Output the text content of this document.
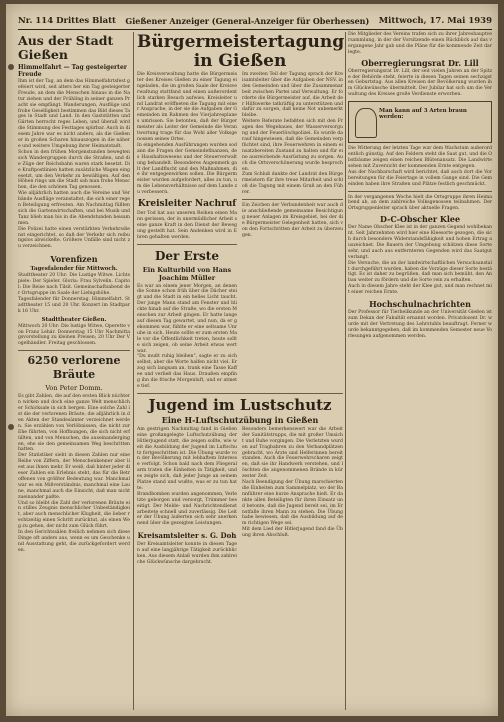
Nr. 114 Drittes Blatt Gießener Anzeiger (General-Anzeiger für Oberhessen) Mittwoch, 17. Mai 1939
Aus der Stadt Gießen
Himmelfahrt — Tag gesteigerter Freude

Ihm ist der Tag, an dem das Himmelfahrtsfest gefeiert wird, seit alters her ein Tag gesteigerter Freude, an dem die Menschen hinaus in die Natur ziehen und der Frühling in seiner ganzen Pracht sie empfängt. Wanderungen, Ausflüge und frohe Geselligkeit bestimmen das Bild dieses Tages in Stadt und Land. In den Gaststätten und Gärten herrscht reges Leben, und überall wird die Stimmung des Festtages spürbar. Auch in diesem Jahre war es nicht anders, als die Gießener in großen Scharen hinauszogen in die nähere und weitere Umgebung ihrer Heimatstadt.

Schon in den frühen Morgenstunden bewegten sich Wandergruppen durch die Straßen, und die Züge der Reichsbahn waren stark besetzt. Die Kraftpostlinien hatten zusätzliche Wagen eingesetzt, um den Verkehr zu bewältigen. Auf den Höhen rings um die Stadt sah man frohe Menschen, die den schönen Tag genossen.

Wie alljährlich hatten auch die Vereine und Verbände Ausflüge veranstaltet, die sich einer regen Beteiligung erfreuten. Am Nachmittag füllten sich die Gartenwirtschaften, und bei Musik und Tanz blieb man bis in die Abendstunden beisammen.

Die Polizei hatte einen verstärkten Verkehrsdienst eingerichtet, so daß der Verkehr sich reibungslos abwickelte. Größere Unfälle sind nicht zu verzeichnen.

Vorenfizen
Tagesfalender für Mittwoch.

Stadttheater 20 Uhr: Die Lustige Witwe. Lichtspiele: Der Spieler. Gloria: Frau Sylvelin. Capitol: Die Reise nach Tilsit. Gemeinschaftsabend der Ortsgruppe im Saale der Liebigshöhe.

Tagesfalender für Donnerstag. Himmelfahrt. Stadttheater 15 und 20 Uhr. Konzert im Stadtpark 16 Uhr.

Stadttheater Gießen.

Mittwoch 20 Uhr: Die lustige Witwe, Operette von Franz Lehár. Donnerstag 15 Uhr Nachmittagsvorstellung zu kleinen Preisen; 20 Uhr Der Vogelhändler. Freitag geschlossen.

6250 verlorene Bräute
Von Peter Domm.

Es gibt Zahlen, die auf den ersten Blick nüchtern wirken und doch eine ganze Welt menschlicher Schicksale in sich bergen. Eine solche Zahl ist die der verlorenen Bräute, die alljährlich in den Akten der Standesämter verzeichnet werden. Sie erzählen von Verlöbnissen, die nicht zur Ehe führten, von Hoffnungen, die sich nicht erfüllten, und von Menschen, die auseinandergingen, ehe sie den gemeinsamen Weg beschritten hatten.

Der Statistiker sieht in diesen Zahlen nur eine Reihe von Ziffern, der Menschenkenner aber liest aus ihnen mehr. Er weiß, daß hinter jeder dieser Zahlen ein Erlebnis steht, das für die Betroffenen von größter Bedeutung war. Manchmal war es ein Mißverständnis, manchmal eine Laune, manchmal auch die Einsicht, daß man nicht zueinander paßte.

Und so bleibt die Zahl der verlorenen Bräute ein stilles Zeugnis menschlicher Unbeständigkeit, aber auch menschlicher Klugheit, die lieber rechtzeitig einen Schritt zurücktut, als einen Weg zu gehen, der nicht zum Glück führt.

In den Gerichtssälen freilich nehmen sich diese Dinge oft anders aus, wenn es um Geschenke und Ausstattung geht, die zurückgefordert werden.

Bürgermeistertagung in Gießen

Die Kreisverwaltung hatte die Bürgermeister des Kreises Gießen zu einer Tagung eingeladen, die im großen Saale der Kreisverwaltung stattfand und einen außerordentlich starken Besuch aufwies. Kreisleiter und Landrat eröffneten die Tagung mit einer Ansprache, in der sie die Aufgaben der Gemeinden im Rahmen des Vierjahresplanes umrissen. Sie betonten, daß der Bürgermeister als Leiter der Gemeinde die Verantwortung trage für das Wohl aller Volksgenossen seines Ortes.

In eingehenden Ausführungen wurden sodann die Fragen der Gemeindefinanzen, des Haushaltswesens und der Steuerverwaltung behandelt. Besonderes Augenmerk galt der Landflucht und den Maßnahmen, die ihr entgegenwirken sollen. Die Bürgermeister wurden aufgefordert, alles zu tun, um die Lebensverhältnisse auf dem Lande zu verbessern.

Kreisleiter Nachruf

Der Tod hat aus unseren Reihen einen Mann gerissen, der in unermüdlicher Arbeit seine ganze Kraft in den Dienst der Bewegung gestellt hat. Sein Andenken wird in Ehren gehalten werden.

Der Erste
Ein Kulturbild von Hans Joachim Müller

Es war an einem jener Morgen, an denen die Sonne schon früh über die Dächer steigt und die Stadt in ein helles Licht taucht. Der junge Mann stand am Fenster und blickte hinab auf die Straße, wo die ersten Menschen zur Arbeit gingen. Er hatte lange auf diesen Tag gewartet, und nun, da er gekommen war, fühlte er eine seltsame Unruhe in sich. Heute sollte er zum ersten Male vor die Öffentlichkeit treten, heute sollte sich zeigen, ob seine Arbeit etwas wert war.

"Du mußt ruhig bleiben", sagte er zu sich selbst, aber die Worte halfen nicht viel. Er zog sich langsam an, trank eine Tasse Kaffee und verließ das Haus. Draußen empfing ihn die frische Morgenluft, und er atmete tief.

Im zweiten Teil der Tagung sprach der Kreisamtsleiter über die Aufgaben der NSV. in den Gemeinden und über die Zusammenarbeit zwischen Partei und Verwaltung. Er forderte die Bürgermeister auf, die Arbeit der Hilfswerke tatkräftig zu unterstützen und dafür zu sorgen, daß keine Not unbemerkt bleibe.

Weitere Referate befaßten sich mit den Fragen des Wegebaues, der Wasserversorgung und der Feuerlöschpolizei. Es wurde darauf hingewiesen, daß die Gemeinden verpflichtet sind, ihre Feuerwehren in einem einsatzbereiten Zustand zu halten und für eine ausreichende Ausrüstung zu sorgen. Auch die Ortsverschönerung wurde besprochen.

Zum Schluß dankte der Landrat den Bürgermeistern für ihre treue Mitarbeit und schloß die Tagung mit einem Gruß an den Führer.

Ein Zeichen der Verbundenheit war auch die anschließende gemeinsame Besichtigung neuer Anlagen im Kreisgebiet, bei der die Bürgermeister Gelegenheit hatten, sich von den Fortschritten der Arbeit zu überzeugen.

Jugend im Lustschutz
Eine H-Luftschutzübung in Gießen

Am gestrigen Nachmittag fand in Gießen eine großangelegte Luftschutzübung der Hitlerjugend statt, die zeigen sollte, wie weit die Ausbildung der Jugend im Luftschutz fortgeschritten ist. Die Übung wurde von der Bevölkerung mit lebhaftem Interesse verfolgt. Schon bald nach dem Fliegeralarm traten die Einheiten in Tätigkeit, und es zeigte sich, daß jeder Junge an seinem Platze stand und wußte, was er zu tun hatte.

Brandbomben wurden angenommen, Verletzte geborgen und versorgt, Trümmer beseitigt. Der Melde- und Nachrichtendienst arbeitete schnell und zuverlässig. Die Leiter der Übung äußerten sich sehr anerkennend über die gezeigten Leistungen.

Kreisamtsleiter s. G. Doh

Der Kreisamtsleiter konnte in diesen Tagen auf eine langjährige Tätigkeit zurückblicken. Aus diesem Anlaß wurden ihm zahlreiche Glückwünsche dargebracht.

Besonders bemerkenswert war die Arbeit der Sanitätstrupps, die mit großer Umsicht und Ruhe vorgingen. Die Verletzten wurden auf Tragbahren zu den Verbandplätzen gebracht, wo Ärzte und Helferinnen bereitstanden. Auch die Feuerwehrscharen zeigten, daß sie ihr Handwerk verstehen, und löschten die angenommenen Brände in kürzester Zeit.

Nach Beendigung der Übung marschierten die Einheiten zum Sammelplatz, wo der Bannführer eine kurze Ansprache hielt. Er dankte allen Beteiligten für ihren Einsatz und betonte, daß die Jugend bereit sei, im Ernstfalle ihren Mann zu stehen. Die Übung habe bewiesen, daß die Ausbildung auf dem richtigen Wege sei.

Mit dem Lied der Hitlerjugend fand die Übung ihren Abschluß.

Die Mitglieder des Vereins trafen sich zu ihrer Jahreshauptversammlung, in der der Vorsitzende einen Rückblick auf das vergangene Jahr gab und die Pläne für die kommende Zeit darlegte.

Oberregierungsrat Dr. Lill

Oberregierungsrat Dr. Lill, der seit vielen Jahren an der Spitze der Behörde steht, feierte in diesen Tagen seinen sechzigsten Geburtstag. Aus allen Kreisen der Bevölkerung wurden ihm Glückwünsche übermittelt. Der Jubilar hat sich um die Verwaltung des Kreises große Verdienste erworben.

Man kann auf 3 Arten braun werden:

Die Witterung der letzten Tage war dem Wachstum außerordentlich günstig. Auf den Feldern steht die Saat gut, und die Obstbäume zeigen einen reichen Blütenansatz. Die Landwirte sehen mit Zuversicht der kommenden Ernte entgegen.

Aus der Nachbarschaft wird berichtet, daß auch dort die Vorbereitungen für die Feiertage in vollem Gange sind. Die Gemeinden haben ihre Straßen und Plätze festlich geschmückt.

In der vergangenen Woche hielt die Ortsgruppe ihren Heimabend ab, an dem zahlreiche Volksgenossen teilnahmen. Der Ortsgruppenleiter sprach über aktuelle Fragen.

D-C-Obscher Klee

Der Name Obscher Klee ist in der ganzen Gegend wohlbekannt. Seit Jahrzehnten wird hier eine Kleesorte gezogen, die sich durch besondere Widerstandsfähigkeit und hohen Ertrag auszeichnet. Die Bauern der Umgebung schätzen diese Sorte sehr, und auch aus entfernteren Gegenden wird das Saatgut verlangt.

Die Versuche, die an der landwirtschaftlichen Versuchsanstalt durchgeführt wurden, haben die Vorzüge dieser Sorte bestätigt. Es ist daher zu begrüßen, daß man sich bemüht, den Anbau weiter zu fördern und die Sorte rein zu erhalten.

Auch in diesem Jahre steht der Klee gut, und man rechnet mit einer reichen Ernte.

Hochschulnachrichten

Der Professor für Tierheilkunde an der Universität Gießen ist zum Dekan der Fakultät ernannt worden. Privatdozent Dr. wurde mit der Vertretung des Lehrstuhls beauftragt. Ferner wurde bekanntgegeben, daß im kommenden Semester neue Vorlesungen aufgenommen werden.
